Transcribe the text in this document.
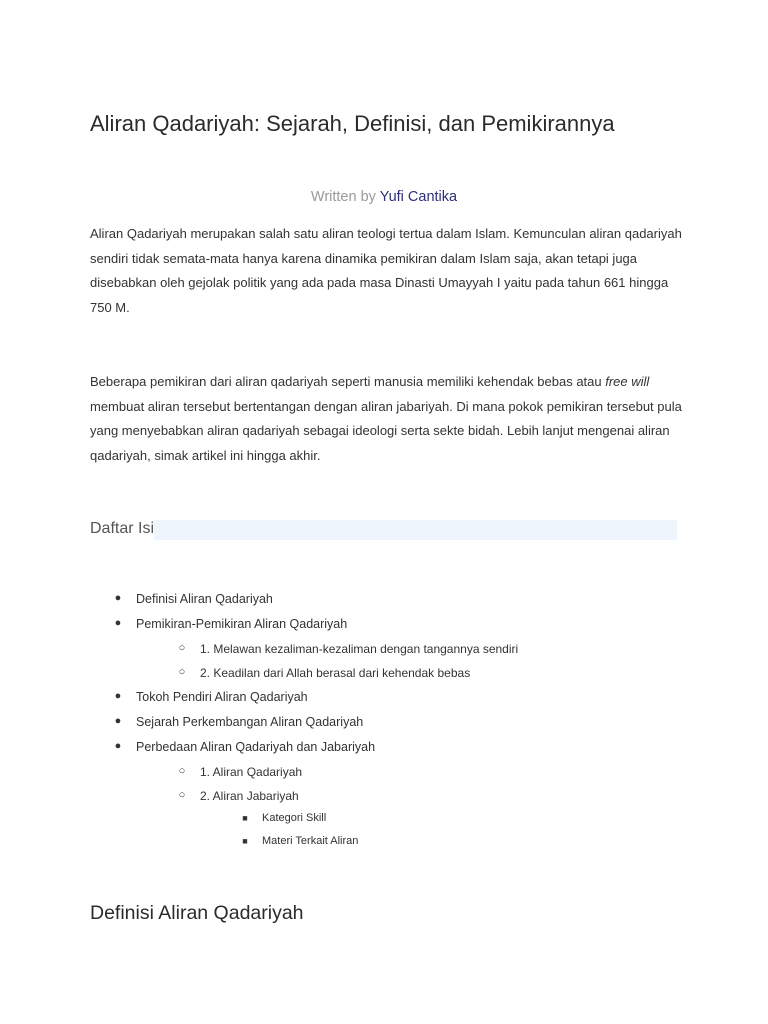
Aliran Qadariyah: Sejarah, Definisi, dan Pemikirannya
Written by Yufi Cantika

Aliran Qadariyah merupakan salah satu aliran teologi tertua dalam Islam. Kemunculan aliran qadariyah sendiri tidak semata-mata hanya karena dinamika pemikiran dalam Islam saja, akan tetapi juga disebabkan oleh gejolak politik yang ada pada masa Dinasti Umayyah I yaitu pada tahun 661 hingga 750 M.

Beberapa pemikiran dari aliran qadariyah seperti manusia memiliki kehendak bebas atau free will membuat aliran tersebut bertentangan dengan aliran jabariyah. Di mana pokok pemikiran tersebut pula yang menyebabkan aliran qadariyah sebagai ideologi serta sekte bidah. Lebih lanjut mengenai aliran qadariyah, simak artikel ini hingga akhir.

Daftar Isi
● Definisi Aliran Qadariyah
● Pemikiran-Pemikiran Aliran Qadariyah
○ 1. Melawan kezaliman-kezaliman dengan tangannya sendiri
○ 2. Keadilan dari Allah berasal dari kehendak bebas
● Tokoh Pendiri Aliran Qadariyah
● Sejarah Perkembangan Aliran Qadariyah
● Perbedaan Aliran Qadariyah dan Jabariyah
○ 1. Aliran Qadariyah
○ 2. Aliran Jabariyah
■ Kategori Skill
■ Materi Terkait Aliran
Definisi Aliran Qadariyah
